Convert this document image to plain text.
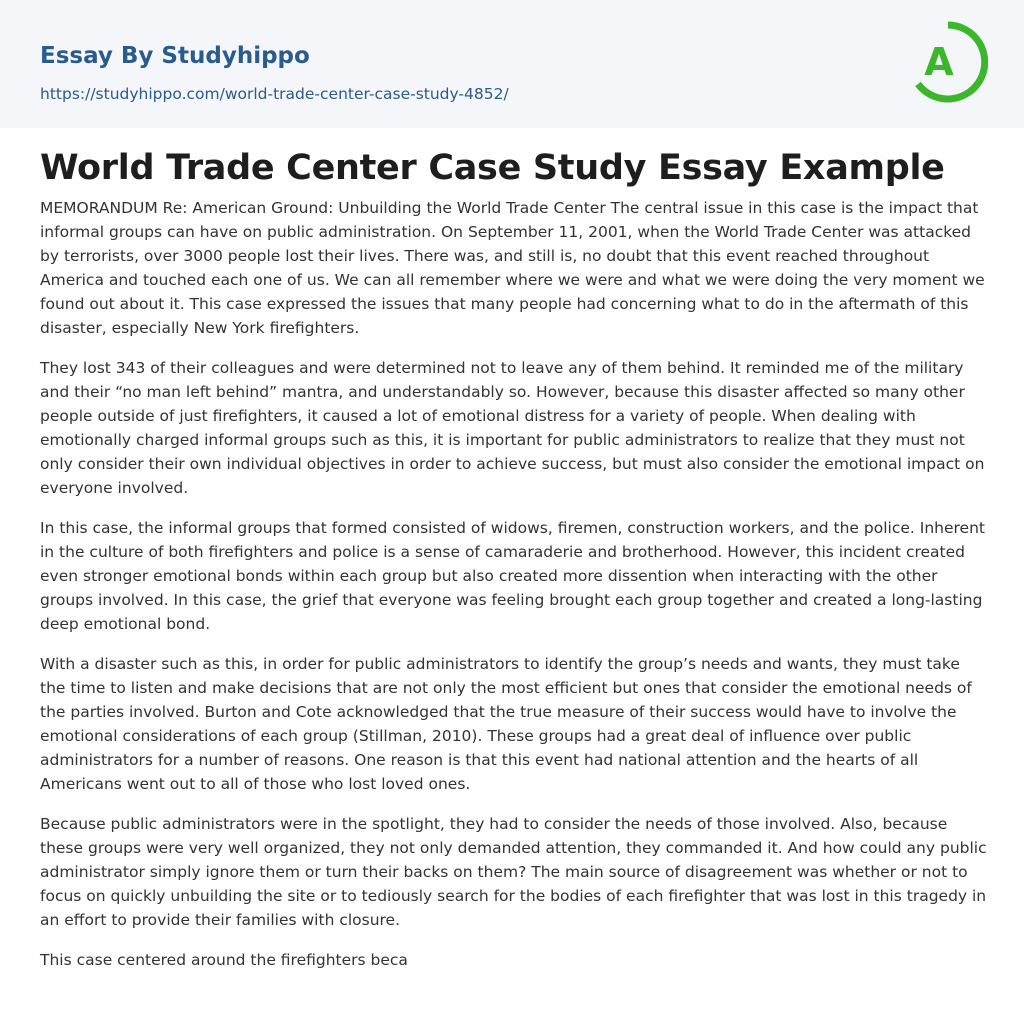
Essay By Studyhippo
https://studyhippo.com/world-trade-center-case-study-4852/
A
World Trade Center Case Study Essay Example

MEMORANDUM Re: American Ground: Unbuilding the World Trade Center The central issue in this case is the impact that informal groups can have on public administration. On September 11, 2001, when the World Trade Center was attacked by terrorists, over 3000 people lost their lives. There was, and still is, no doubt that this event reached throughout America and touched each one of us. We can all remember where we were and what we were doing the very moment we found out about it. This case expressed the issues that many people had concerning what to do in the aftermath of this disaster, especially New York firefighters.

They lost 343 of their colleagues and were determined not to leave any of them behind. It reminded me of the military and their “no man left behind” mantra, and understandably so. However, because this disaster affected so many other people outside of just firefighters, it caused a lot of emotional distress for a variety of people. When dealing with emotionally charged informal groups such as this, it is important for public administrators to realize that they must not only consider their own individual objectives in order to achieve success, but must also consider the emotional impact on everyone involved.

In this case, the informal groups that formed consisted of widows, firemen, construction workers, and the police. Inherent in the culture of both firefighters and police is a sense of camaraderie and brotherhood. However, this incident created even stronger emotional bonds within each group but also created more dissention when interacting with the other groups involved. In this case, the grief that everyone was feeling brought each group together and created a long-lasting deep emotional bond.

With a disaster such as this, in order for public administrators to identify the group’s needs and wants, they must take the time to listen and make decisions that are not only the most efficient but ones that consider the emotional needs of the parties involved. Burton and Cote acknowledged that the true measure of their success would have to involve the emotional considerations of each group (Stillman, 2010). These groups had a great deal of influence over public administrators for a number of reasons. One reason is that this event had national attention and the hearts of all Americans went out to all of those who lost loved ones.

Because public administrators were in the spotlight, they had to consider the needs of those involved. Also, because these groups were very well organized, they not only demanded attention, they commanded it. And how could any public administrator simply ignore them or turn their backs on them? The main source of disagreement was whether or not to focus on quickly unbuilding the site or to tediously search for the bodies of each firefighter that was lost in this tragedy in an effort to provide their families with closure.

This case centered around the firefighters beca
